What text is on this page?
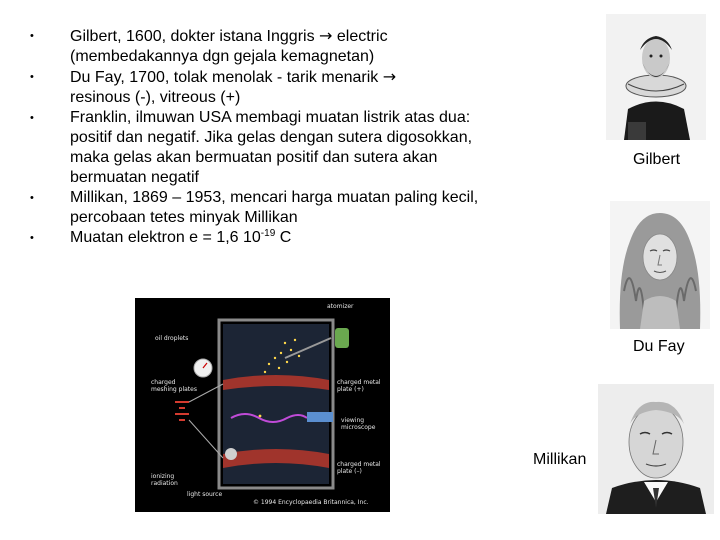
• Gilbert, 1600, dokter istana Inggris → electric
(membedakannya dgn gejala kemagnetan)
• Du Fay, 1700, tolak menolak - tarik menarik →
resinous (-), vitreous (+)
• Franklin, ilmuwan USA membagi muatan listrik atas dua: positif dan negatif. Jika gelas dengan sutera digosokkan, maka gelas akan bermuatan positif dan sutera akan bermuatan negatif
• Millikan, 1869 – 1953, mencari harga muatan paling kecil, percobaan tetes minyak Millikan
• Muatan elektron e = 1,6 $10^{-19}$ C
Gilbert
Du Fay
Millikan
atomizer
oil droplets
charged meshing plates
charged metal plate (+)
viewing microscope
charged metal plate (–)
ionizing radiation
light source
© 1994 Encyclopaedia Britannica, Inc.
